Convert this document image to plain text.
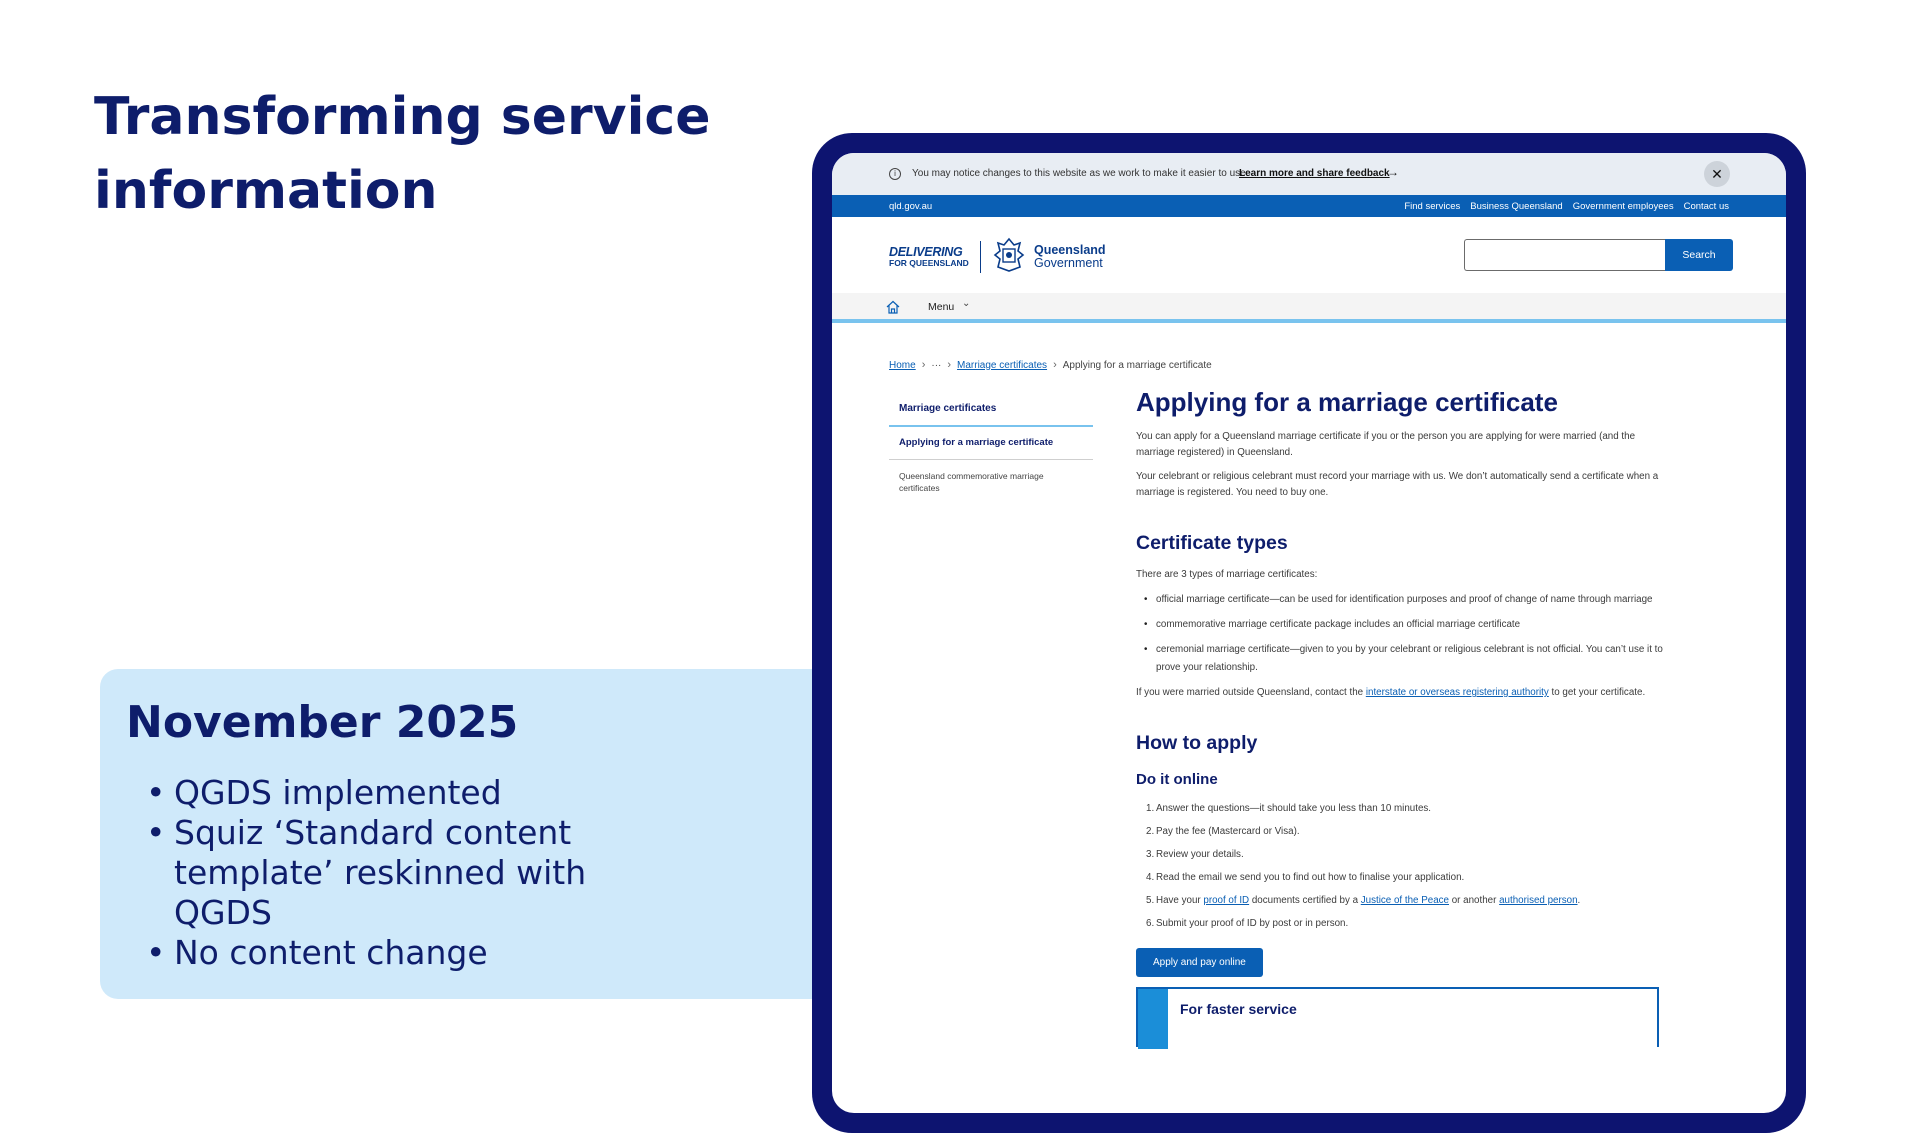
Transforming service information
November 2025
• QGDS implemented
• Squiz ‘Standard content template’ reskinned with QGDS
• No content change
i	You may notice changes to this website as we work to make it easier to use.
Learn more and share feedback
→	✕
qld.gov.au	Find services Business Queensland Government employees Contact us
DELIVERING
FOR QUEENSLAND
Queensland
Government
Search
Menu ⌄
Home › ··· › Marriage certificates › Applying for a marriage certificate
Marriage certificates
Applying for a marriage certificate
Queensland commemorative marriage certificates
Applying for a marriage certificate

You can apply for a Queensland marriage certificate if you or the person you are applying for were married (and the marriage registered) in Queensland.

Your celebrant or religious celebrant must record your marriage with us. We don’t automatically send a certificate when a marriage is registered. You need to buy one.

Certificate types

There are 3 types of marriage certificates:

• official marriage certificate—can be used for identification purposes and proof of change of name through marriage
• commemorative marriage certificate package includes an official marriage certificate
• ceremonial marriage certificate—given to you by your celebrant or religious celebrant is not official. You can’t use it to prove your relationship.

If you were married outside Queensland, contact the interstate or overseas registering authority to get your certificate.

How to apply
Do it online
1. Answer the questions—it should take you less than 10 minutes.
2. Pay the fee (Mastercard or Visa).
3. Review your details.
4. Read the email we send you to find out how to finalise your application.
5. Have your proof of ID documents certified by a Justice of the Peace or another authorised person.
6. Submit your proof of ID by post or in person.
Apply and pay online
For faster service
